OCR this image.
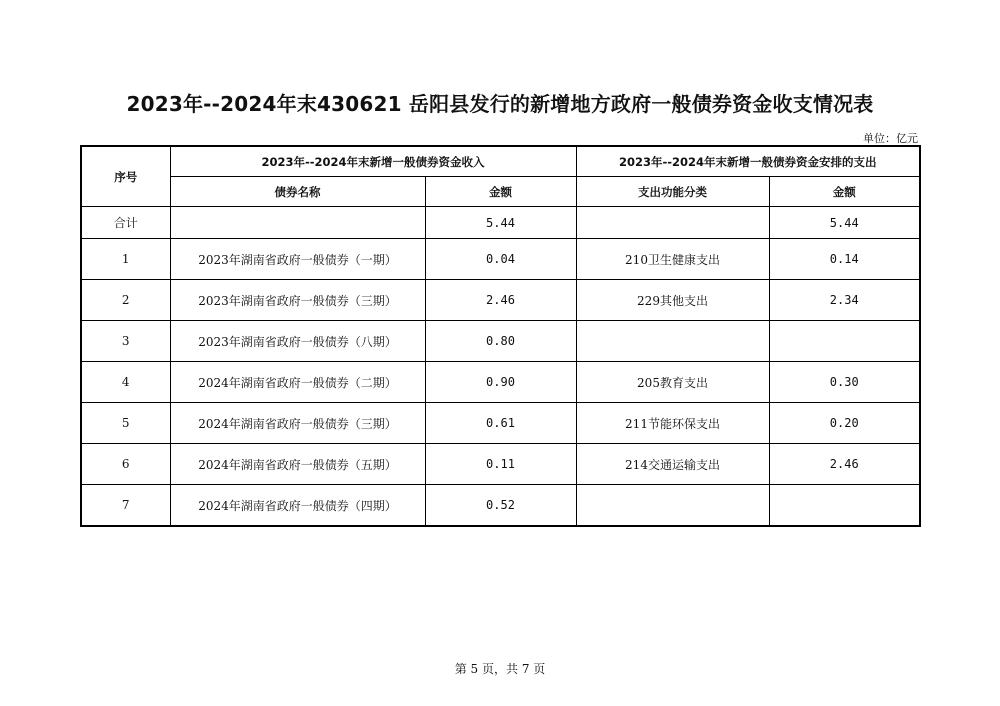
2023年--2024年末430621 岳阳县发行的新增地方政府一般债券资金收支情况表
单位：亿元
序号	2023年--2024年末新增一般债券资金收入		2023年--2024年末新增一般债券资金安排的支出	
	债券名称	金额	支出功能分类	金额
合计		5.44		5.44
1	2023年湖南省政府一般债券（一期）	0.04	210卫生健康支出	0.14
2	2023年湖南省政府一般债券（三期）	2.46	229其他支出	2.34
3	2023年湖南省政府一般债券（八期）	0.80		
4	2024年湖南省政府一般债券（二期）	0.90	205教育支出	0.30
5	2024年湖南省政府一般债券（三期）	0.61	211节能环保支出	0.20
6	2024年湖南省政府一般债券（五期）	0.11	214交通运输支出	2.46
7	2024年湖南省政府一般债券（四期）	0.52		
第 5 页，共 7 页
